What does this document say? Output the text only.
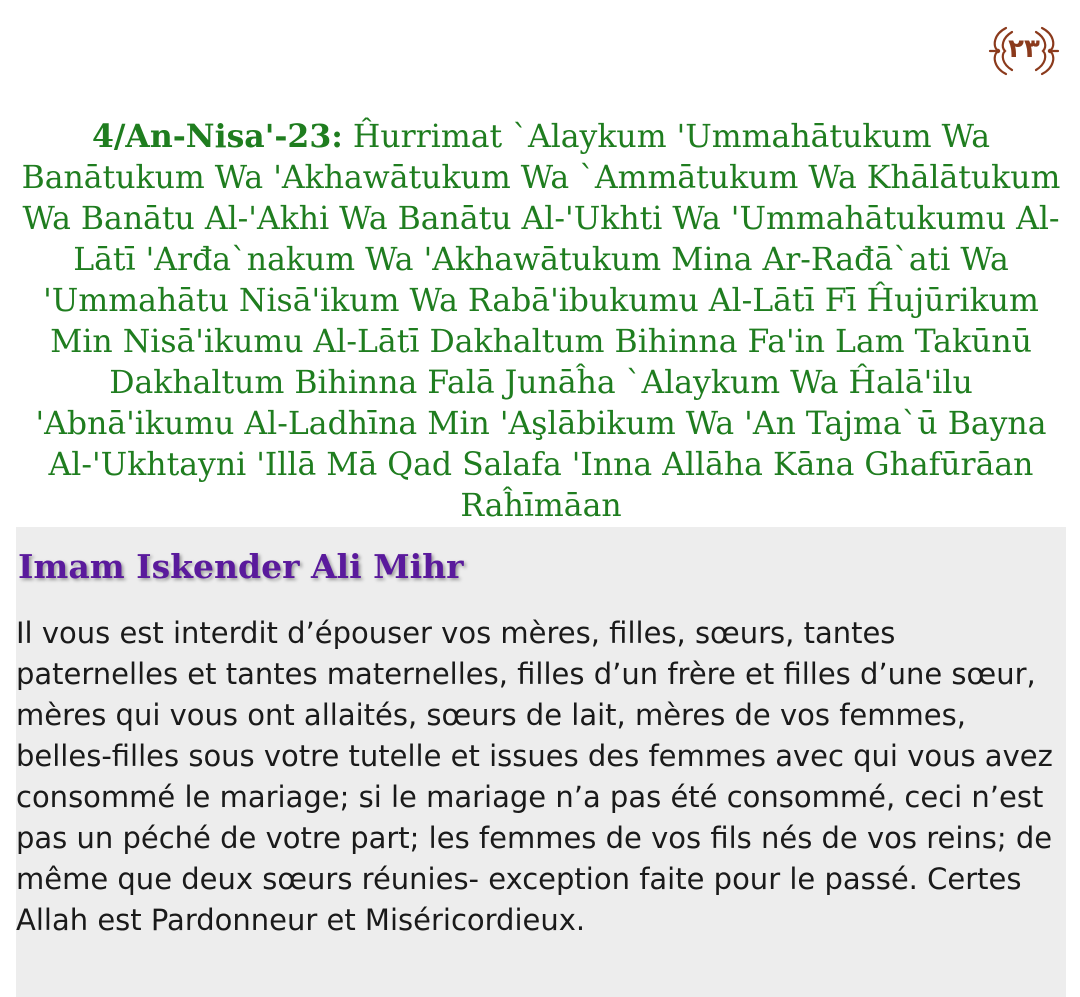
٢٣
4/An-Nisa'-23: Ĥurrimat `Alaykum 'Ummahātukum Wa Banātukum Wa 'Akhawātukum Wa `Ammātukum Wa Khālātukum Wa Banātu Al-'Akhi Wa Banātu Al-'Ukhti Wa 'Ummahātukumu Al-Lātī 'Arđa`nakum Wa 'Akhawātukum Mina Ar-Rađā`ati Wa 'Ummahātu Nisā'ikum Wa Rabā'ibukumu Al-Lātī Fī Ĥujūrikum Min Nisā'ikumu Al-Lātī Dakhaltum Bihinna Fa'in Lam Takūnū Dakhaltum Bihinna Falā Junāĥa `Alaykum Wa Ĥalā'ilu 'Abnā'ikumu Al-Ladhīna Min 'Aşlābikum Wa 'An Tajma`ū Bayna Al-'Ukhtayni 'Illā Mā Qad Salafa 'Inna Allāha Kāna Ghafūrāan Raĥīmāan
Imam Iskender Ali Mihr

Il vous est interdit d’épouser vos mères, filles, sœurs, tantes paternelles et tantes maternelles, filles d’un frère et filles d’une sœur, mères qui vous ont allaités, sœurs de lait, mères de vos femmes, belles-filles sous votre tutelle et issues des femmes avec qui vous avez consommé le mariage; si le mariage n’a pas été consommé, ceci n’est pas un péché de votre part; les femmes de vos fils nés de vos reins; de même que deux sœurs réunies- exception faite pour le passé. Certes Allah est Pardonneur et Miséricordieux.
